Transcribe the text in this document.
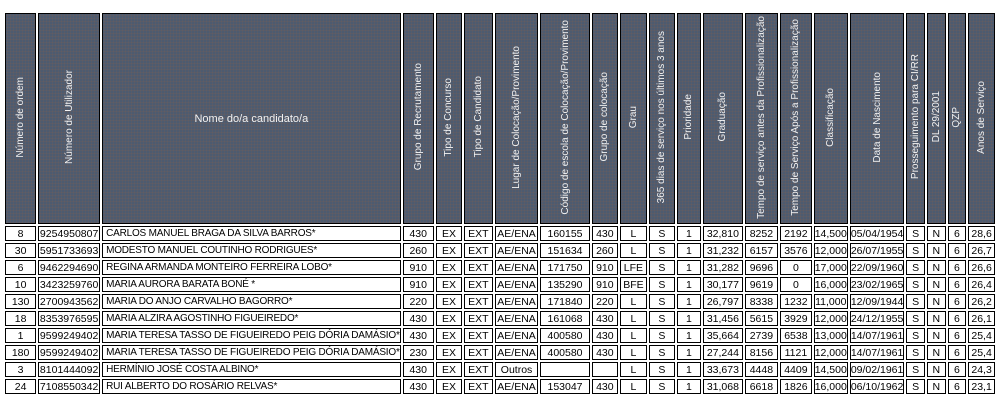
Número de ordem	Número de Utilizador	Nome do/a candidato/a	Grupo de Recrutamento	Tipo de Concurso	Tipo de Candidato	Lugar de Colocação/Provimento	Código de escola de Colocação/Provimento	Grupo de colocação	Grau	365 dias de serviço nos últimos 3 anos	Prioridade	Graduação	Tempo de serviço antes da Profissionalização	Tempo de Serviço Após a Profissionalização	Classificação	Data de Nascimento	Prosseguimento para CI/RR	DL 29/2001	QZP	Anos de Serviço
8	9254950807	CARLOS MANUEL BRAGA DA SILVA BARROS*	430	EX	EXT	AE/ENA	160155	430	L	S	1	32,810	8252	2192	14,500	05/04/1954	S	N	6	28,6
30	5951733693	MODESTO MANUEL COUTINHO RODRIGUES*	260	EX	EXT	AE/ENA	151634	260	L	S	1	31,232	6157	3576	12,000	26/07/1955	S	N	6	26,7
6	9462294690	REGINA ARMANDA MONTEIRO FERREIRA LOBO*	910	EX	EXT	AE/ENA	171750	910	LFE	S	1	31,282	9696	0	17,000	22/09/1960	S	N	6	26,6
10	3423259760	MARIA AURORA BARATA BONÉ *	910	EX	EXT	AE/ENA	135290	910	BFE	S	1	30,177	9619	0	16,000	23/02/1965	S	N	6	26,4
130	2700943562	MARIA DO ANJO CARVALHO BAGORRO*	220	EX	EXT	AE/ENA	171840	220	L	S	1	26,797	8338	1232	11,000	12/09/1944	S	N	6	26,2
18	8353976595	MARIA ALZIRA AGOSTINHO FIGUEIREDO*	430	EX	EXT	AE/ENA	161068	430	L	S	1	31,456	5615	3929	12,000	24/12/1955	S	N	6	26,1
1	9599249402	MARIA TERESA TASSO DE FIGUEIREDO PEIG DÓRIA DAMÁSIO*	430	EX	EXT	AE/ENA	400580	430	L	S	1	35,664	2739	6538	13,000	14/07/1961	S	N	6	25,4
180	9599249402	MARIA TERESA TASSO DE FIGUEIREDO PEIG DÓRIA DAMÁSIO*	230	EX	EXT	AE/ENA	400580	430	L	S	1	27,244	8156	1121	12,000	14/07/1961	S	N	6	25,4
3	8101444092	HERMÍNIO JOSÉ COSTA ALBINO*	430	EX	EXT	Outros			L	S	1	33,673	4448	4409	14,500	09/02/1961	S	N	6	24,3
24	7108550342	RUI ALBERTO DO ROSÁRIO RELVAS*	430	EX	EXT	AE/ENA	153047	430	L	S	1	31,068	6618	1826	16,000	06/10/1962	S	N	6	23,1
